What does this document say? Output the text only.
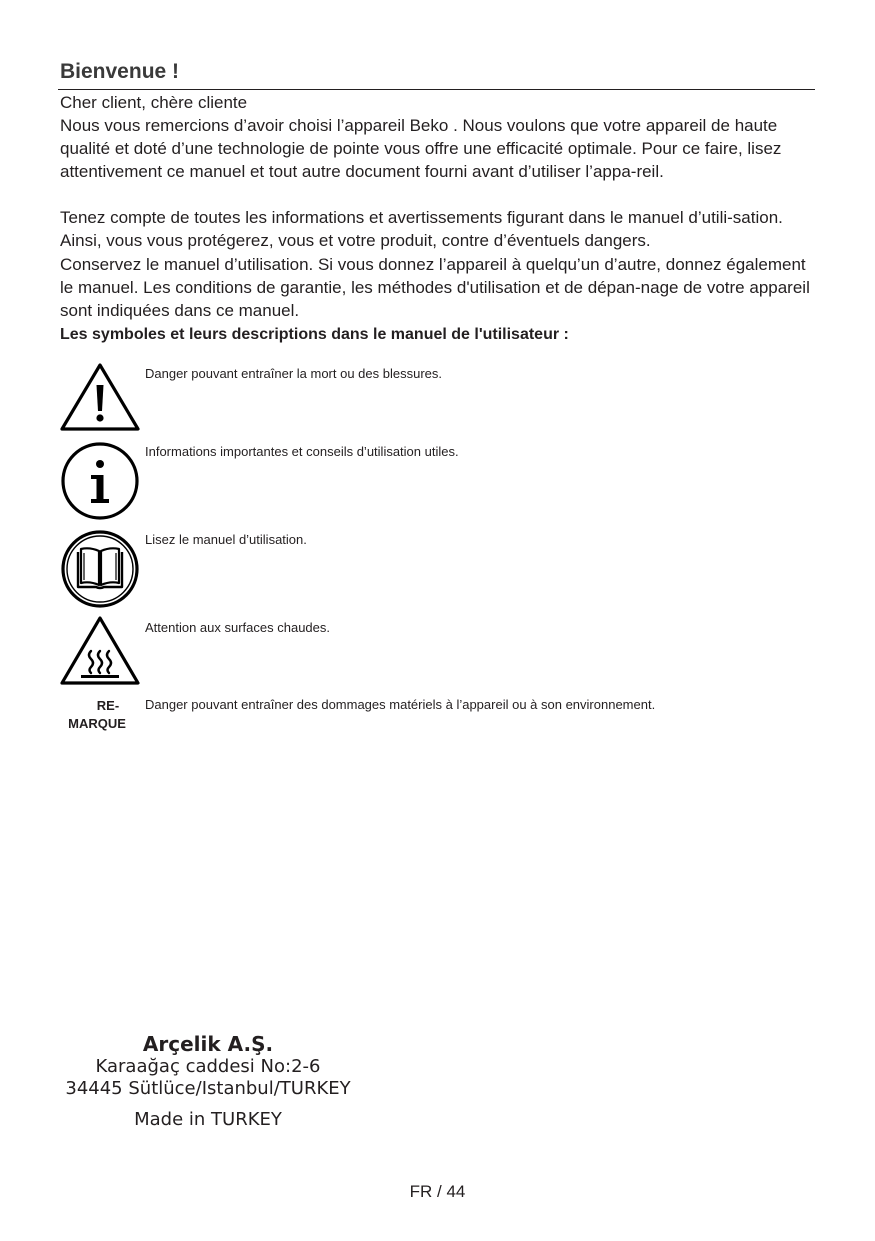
Bienvenue !

Cher client, chère cliente

Nous vous remercions d’avoir choisi l’appareil Beko . Nous voulons que votre appareil de haute qualité et doté d’une technologie de pointe vous offre une efficacité optimale. Pour ce faire, lisez attentivement ce manuel et tout autre document fourni avant d’utiliser l’appa-reil.

Tenez compte de toutes les informations et avertissements figurant dans le manuel d’utili-sation. Ainsi, vous vous protégerez, vous et votre produit, contre d’éventuels dangers.

Conservez le manuel d’utilisation. Si vous donnez l’appareil à quelqu’un d’autre, donnez également le manuel. Les conditions de garantie, les méthodes d'utilisation et de dépan-nage de votre appareil sont indiquées dans ce manuel.

Les symboles et leurs descriptions dans le manuel de l'utilisateur :
Danger pouvant entraîner la mort ou des blessures.
Informations importantes et conseils d’utilisation utiles.
Lisez le manuel d’utilisation.
Attention aux surfaces chaudes.
RE-
MARQUE
Danger pouvant entraîner des dommages matériels à l’appareil ou à son environnement.
Arçelik A.Ş.
Karaağaç caddesi No:2-6
34445 Sütlüce/Istanbul/TURKEY
Made in TURKEY
FR / 44
